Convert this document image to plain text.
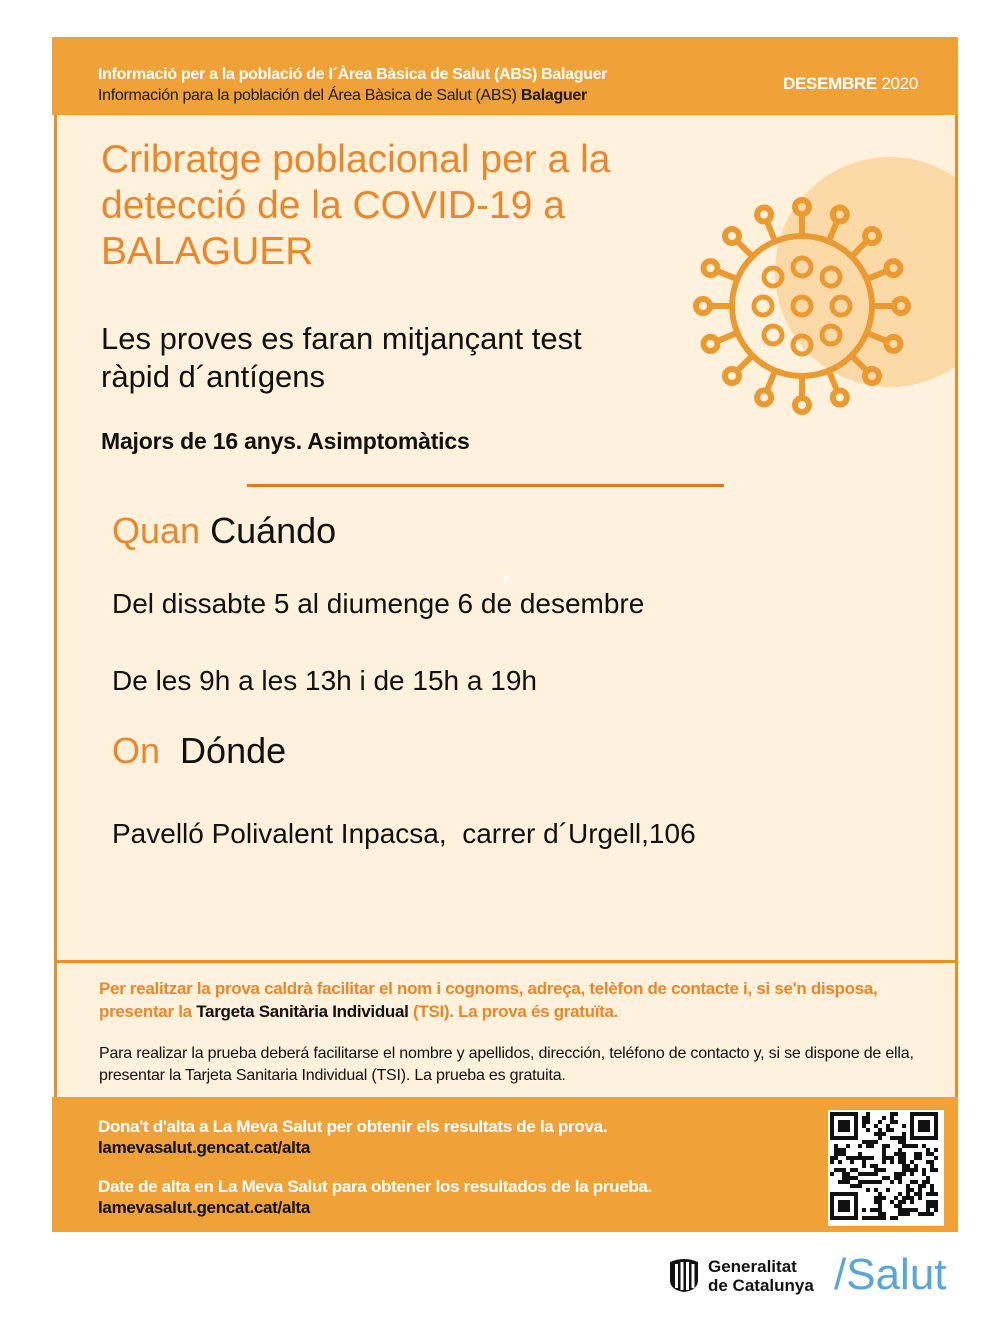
Informació per a la població de l´Àrea Bàsica de Salut (ABS) Balaguer
Información para la población del Área Bàsica de Salut (ABS) Balaguer
DESEMBRE 2020
Cribratge poblacional per a la
detecció de la COVID-19 a
BALAGUER
Les proves es faran mitjançant test
ràpid d´antígens
Majors de 16 anys. Asimptomàtics
Quan Cuándo
K
Del dissabte 5 al diumenge 6 de desembre
De les 9h a les 13h i de 15h a 19h
On Dónde
Pavelló Polivalent Inpacsa, carrer d´Urgell,106
Per realitzar la prova caldrà facilitar el nom i cognoms, adreça, telèfon de contacte i, si se'n disposa, presentar la Targeta Sanitària Individual (TSI). La prova és gratuïta.
Para realizar la prueba deberá facilitarse el nombre y apellidos, dirección, teléfono de contacto y, si se dispone de ella, presentar la Tarjeta Sanitaria Individual (TSI). La prueba es gratuita.
Dona't d'alta a La Meva Salut per obtenir els resultats de la prova.
lamevasalut.gencat.cat/alta
Date de alta en La Meva Salut para obtener los resultados de la prueba.
lamevasalut.gencat.cat/alta
Generalitat
de Catalunya /Salut
